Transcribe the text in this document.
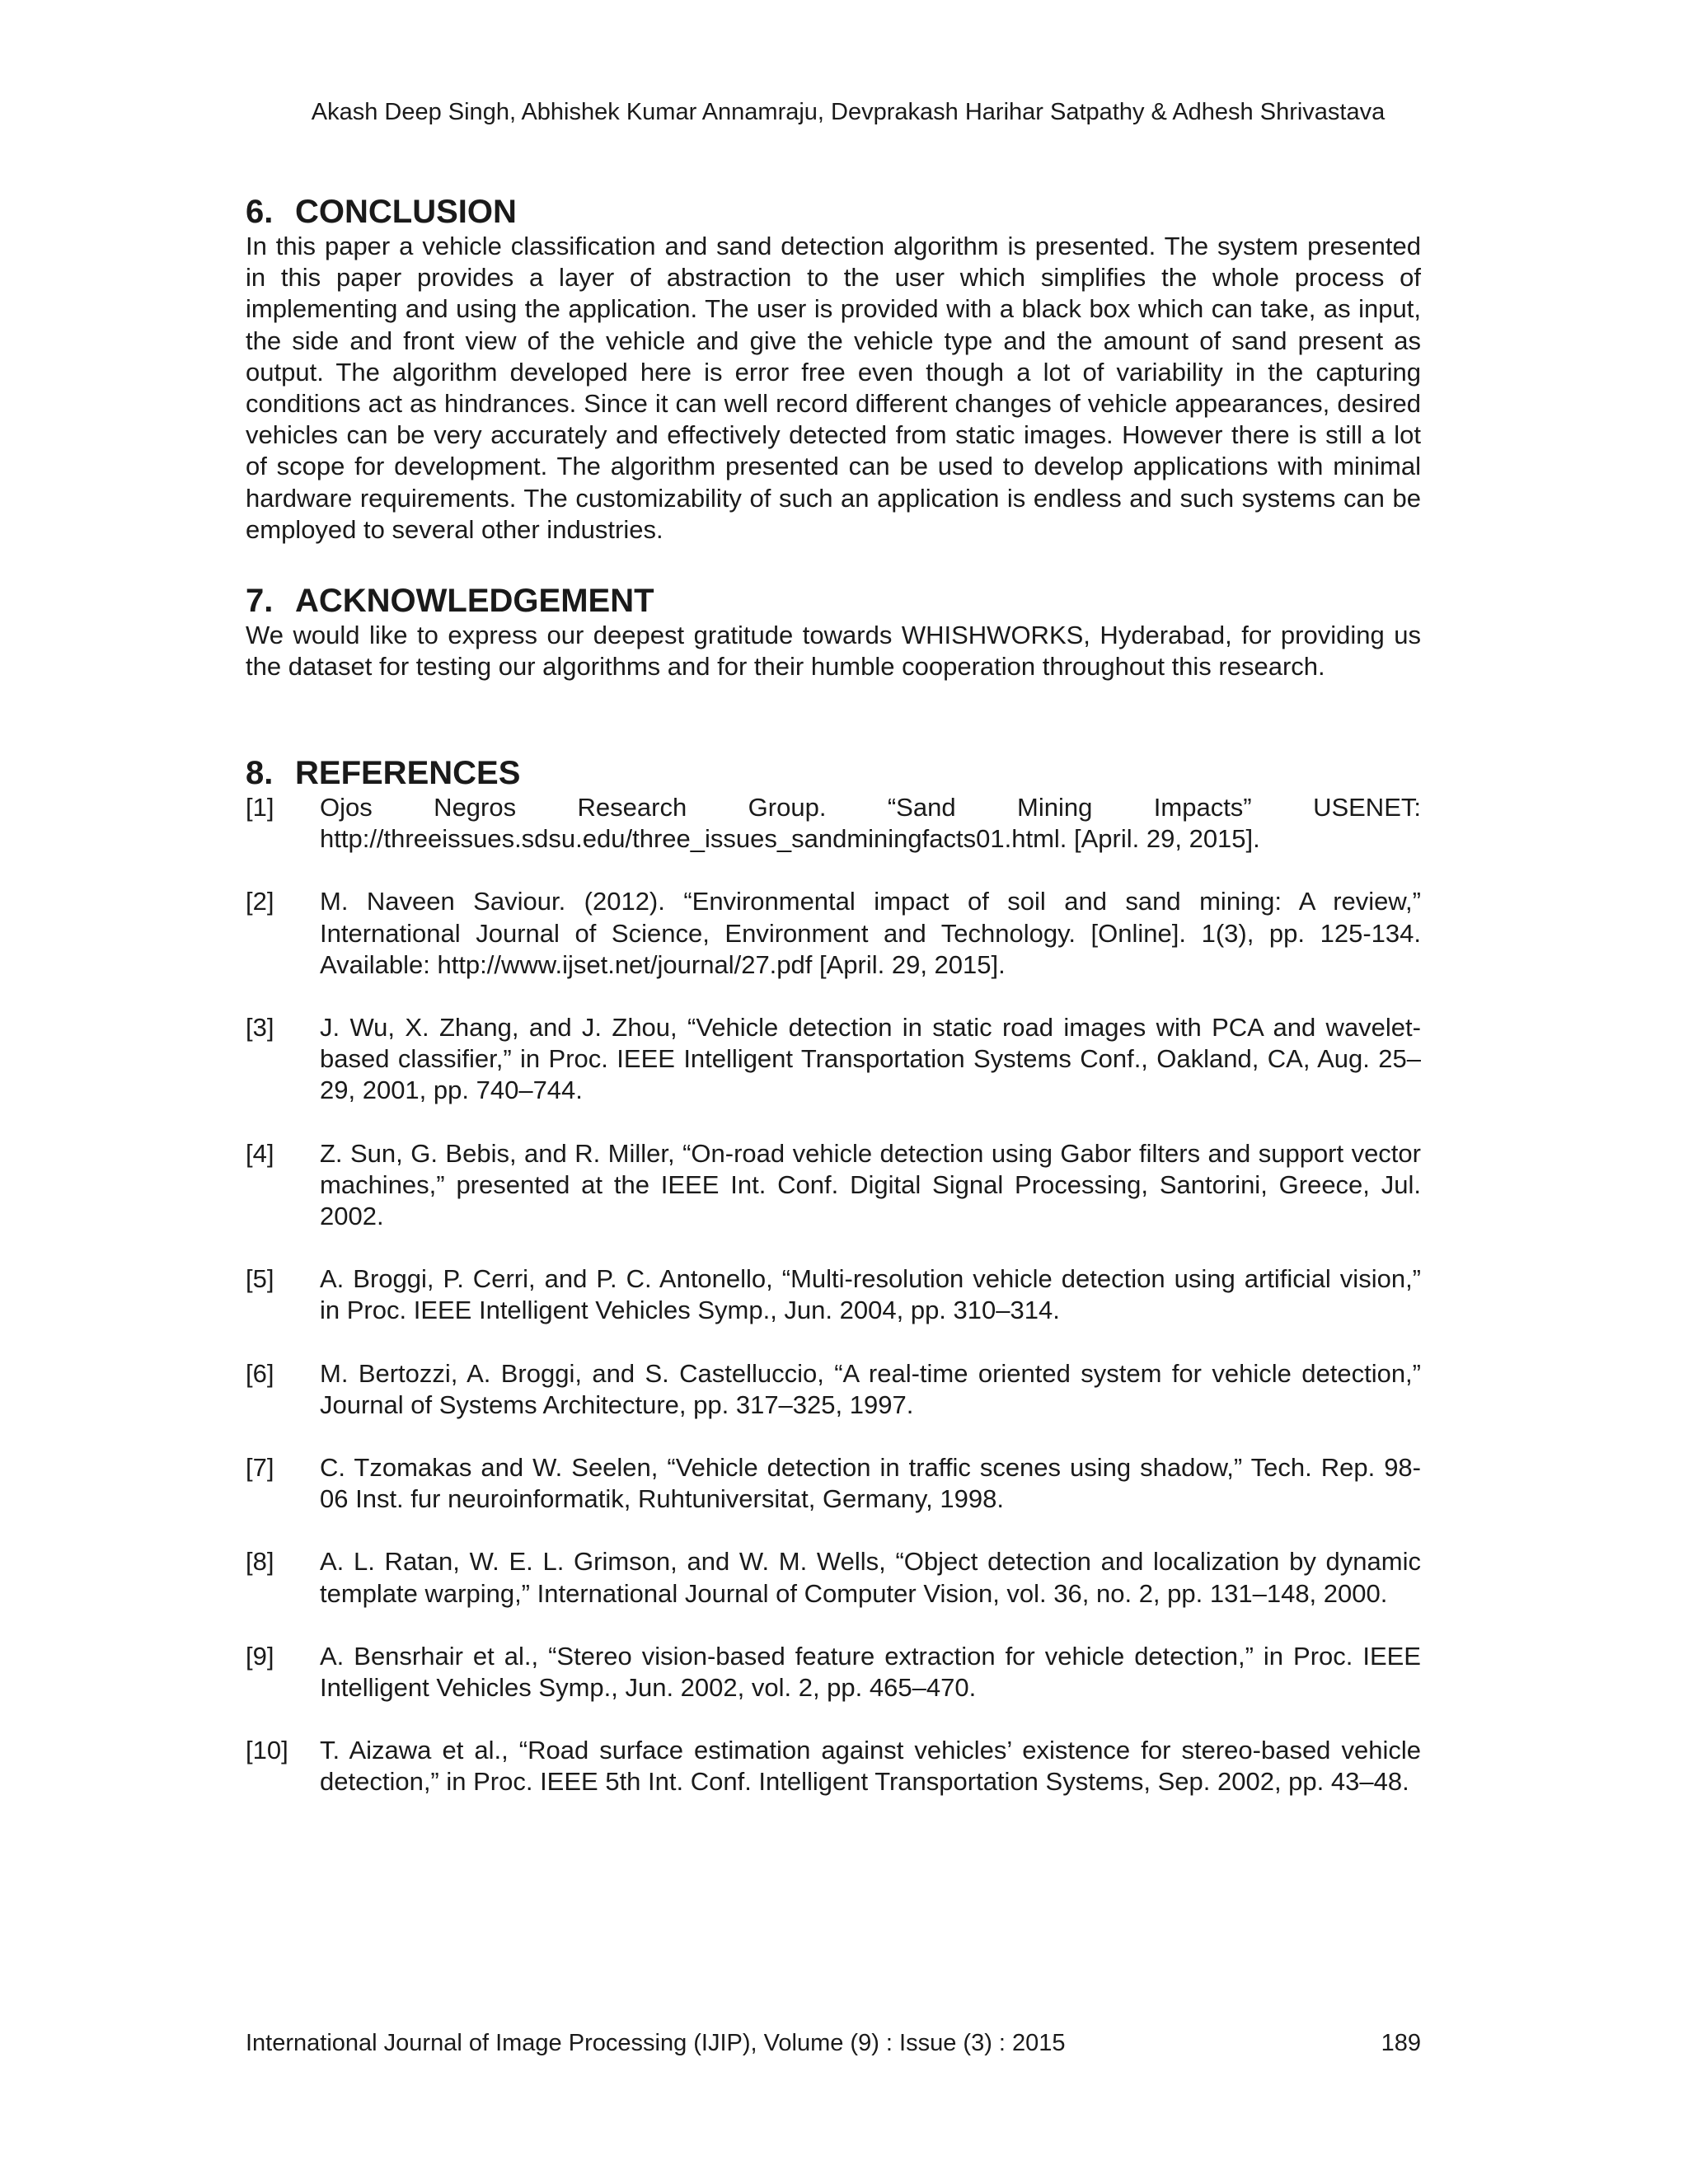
Akash Deep Singh, Abhishek Kumar Annamraju, Devprakash Harihar Satpathy & Adhesh Shrivastava
6. CONCLUSION

In this paper a vehicle classification and sand detection algorithm is presented. The system presented in this paper provides a layer of abstraction to the user which simplifies the whole process of implementing and using the application. The user is provided with a black box which can take, as input, the side and front view of the vehicle and give the vehicle type and the amount of sand present as output. The algorithm developed here is error free even though a lot of variability in the capturing conditions act as hindrances. Since it can well record different changes of vehicle appearances, desired vehicles can be very accurately and effectively detected from static images. However there is still a lot of scope for development. The algorithm presented can be used to develop applications with minimal hardware requirements. The customizability of such an application is endless and such systems can be employed to several other industries.

7. ACKNOWLEDGEMENT

We would like to express our deepest gratitude towards WHISHWORKS, Hyderabad, for providing us the dataset for testing our algorithms and for their humble cooperation throughout this research.

8. REFERENCES
[1]	Ojos Negros Research Group. “Sand Mining Impacts” USENET: http://threeissues.sdsu.edu/three_issues_sandminingfacts01.html. [April. 29, 2015].
[2]	M. Naveen Saviour. (2012). “Environmental impact of soil and sand mining: A review,” International Journal of Science, Environment and Technology. [Online]. 1(3), pp. 125-134. Available: http://www.ijset.net/journal/27.pdf [April. 29, 2015].
[3]	J. Wu, X. Zhang, and J. Zhou, “Vehicle detection in static road images with PCA and wavelet-based classifier,” in Proc. IEEE Intelligent Transportation Systems Conf., Oakland, CA, Aug. 25–29, 2001, pp. 740–744.
[4]	Z. Sun, G. Bebis, and R. Miller, “On-road vehicle detection using Gabor filters and support vector machines,” presented at the IEEE Int. Conf. Digital Signal Processing, Santorini, Greece, Jul. 2002.
[5]	A. Broggi, P. Cerri, and P. C. Antonello, “Multi-resolution vehicle detection using artificial vision,” in Proc. IEEE Intelligent Vehicles Symp., Jun. 2004, pp. 310–314.
[6]	M. Bertozzi, A. Broggi, and S. Castelluccio, “A real-time oriented system for vehicle detection,” Journal of Systems Architecture, pp. 317–325, 1997.
[7]	C. Tzomakas and W. Seelen, “Vehicle detection in traffic scenes using shadow,” Tech. Rep. 98-06 Inst. fur neuroinformatik, Ruhtuniversitat, Germany, 1998.
[8]	A. L. Ratan, W. E. L. Grimson, and W. M. Wells, “Object detection and localization by dynamic template warping,” International Journal of Computer Vision, vol. 36, no. 2, pp. 131–148, 2000.
[9]	A. Bensrhair et al., “Stereo vision-based feature extraction for vehicle detection,” in Proc. IEEE Intelligent Vehicles Symp., Jun. 2002, vol. 2, pp. 465–470.
[10]	T. Aizawa et al., “Road surface estimation against vehicles’ existence for stereo-based vehicle detection,” in Proc. IEEE 5th Int. Conf. Intelligent Transportation Systems, Sep. 2002, pp. 43–48.
International Journal of Image Processing (IJIP), Volume (9) : Issue (3) : 2015	189
